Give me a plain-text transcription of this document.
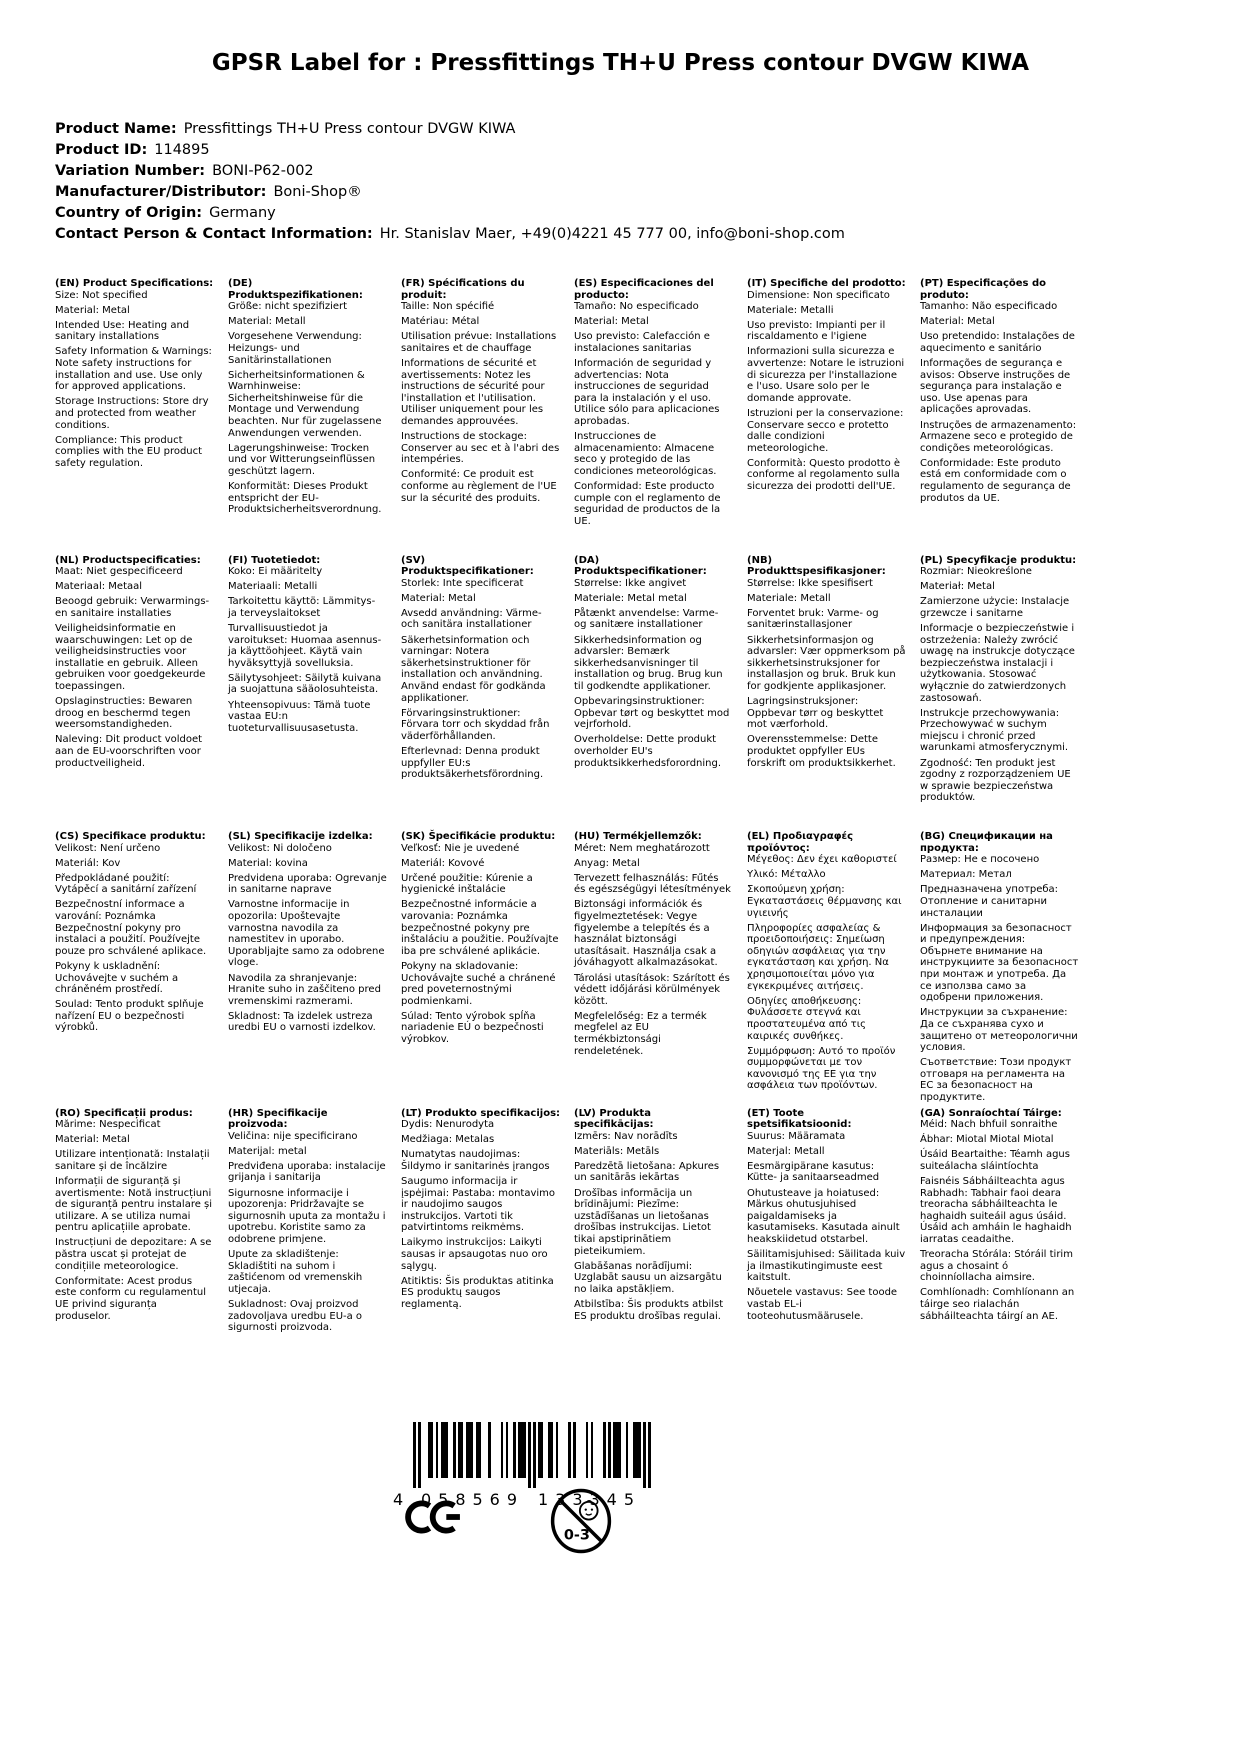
GPSR Label for : Pressfittings TH+U Press contour DVGW KIWA
Product Name: Pressfittings TH+U Press contour DVGW KIWA
Product ID: 114895
Variation Number: BONI-P62-002
Manufacturer/Distributor: Boni-Shop®
Country of Origin: Germany
Contact Person & Contact Information: Hr. Stanislav Maer, +49(0)4221 45 777 00, info@boni-shop.com
(EN) Product Specifications:

Size: Not specified

Material: Metal

Intended Use: Heating and sanitary installations

Safety Information & Warnings: Note safety instructions for installation and use. Use only for approved applications.

Storage Instructions: Store dry and protected from weather conditions.

Compliance: This product complies with the EU product safety regulation.

(DE) Produktspezifikationen:

Größe: nicht spezifiziert

Material: Metall

Vorgesehene Verwendung: Heizungs- und Sanitärinstallationen

Sicherheitsinformationen & Warnhinweise: Sicherheitshinweise für die Montage und Verwendung beachten. Nur für zugelassene Anwendungen verwenden.

Lagerungshinweise: Trocken und vor Witterungseinflüssen geschützt lagern.

Konformität: Dieses Produkt entspricht der EU-Produktsicherheitsverordnung.

(FR) Spécifications du produit:

Taille: Non spécifié

Matériau: Métal

Utilisation prévue: Installations sanitaires et de chauffage

Informations de sécurité et avertissements: Notez les instructions de sécurité pour l'installation et l'utilisation. Utiliser uniquement pour les demandes approuvées.

Instructions de stockage: Conserver au sec et à l'abri des intempéries.

Conformité: Ce produit est conforme au règlement de l'UE sur la sécurité des produits.

(ES) Especificaciones del producto:

Tamaño: No especificado

Material: Metal

Uso previsto: Calefacción e instalaciones sanitarias

Información de seguridad y advertencias: Nota instrucciones de seguridad para la instalación y el uso. Utilice sólo para aplicaciones aprobadas.

Instrucciones de almacenamiento: Almacene seco y protegido de las condiciones meteorológicas.

Conformidad: Este producto cumple con el reglamento de seguridad de productos de la UE.

(IT) Specifiche del prodotto:

Dimensione: Non specificato

Materiale: Metalli

Uso previsto: Impianti per il riscaldamento e l'igiene

Informazioni sulla sicurezza e avvertenze: Notare le istruzioni di sicurezza per l'installazione e l'uso. Usare solo per le domande approvate.

Istruzioni per la conservazione: Conservare secco e protetto dalle condizioni meteorologiche.

Conformità: Questo prodotto è conforme al regolamento sulla sicurezza dei prodotti dell'UE.

(PT) Especificações do produto:

Tamanho: Não especificado

Material: Metal

Uso pretendido: Instalações de aquecimento e sanitário

Informações de segurança e avisos: Observe instruções de segurança para instalação e uso. Use apenas para aplicações aprovadas.

Instruções de armazenamento: Armazene seco e protegido de condições meteorológicas.

Conformidade: Este produto está em conformidade com o regulamento de segurança de produtos da UE.

(NL) Productspecificaties:

Maat: Niet gespecificeerd

Materiaal: Metaal

Beoogd gebruik: Verwarmings- en sanitaire installaties

Veiligheidsinformatie en waarschuwingen: Let op de veiligheidsinstructies voor installatie en gebruik. Alleen gebruiken voor goedgekeurde toepassingen.

Opslaginstructies: Bewaren droog en beschermd tegen weersomstandigheden.

Naleving: Dit product voldoet aan de EU-voorschriften voor productveiligheid.

(FI) Tuotetiedot:

Koko: Ei määritelty

Materiaali: Metalli

Tarkoitettu käyttö: Lämmitys- ja terveyslaitokset

Turvallisuustiedot ja varoitukset: Huomaa asennus- ja käyttöohjeet. Käytä vain hyväksyttyjä sovelluksia.

Säilytysohjeet: Säilytä kuivana ja suojattuna sääolosuhteista.

Yhteensopivuus: Tämä tuote vastaa EU:n tuoteturvallisuusasetusta.

(SV) Produktspecifikationer:

Storlek: Inte specificerat

Material: Metal

Avsedd användning: Värme- och sanitära installationer

Säkerhetsinformation och varningar: Notera säkerhetsinstruktioner för installation och användning. Använd endast för godkända applikationer.

Förvaringsinstruktioner: Förvara torr och skyddad från väderförhållanden.

Efterlevnad: Denna produkt uppfyller EU:s produktsäkerhetsförordning.

(DA) Produktspecifikationer:

Størrelse: Ikke angivet

Materiale: Metal metal

Påtænkt anvendelse: Varme- og sanitære installationer

Sikkerhedsinformation og advarsler: Bemærk sikkerhedsanvisninger til installation og brug. Brug kun til godkendte applikationer.

Opbevaringsinstruktioner: Opbevar tørt og beskyttet mod vejrforhold.

Overholdelse: Dette produkt overholder EU's produktsikkerhedsforordning.

(NB) Produkttspesifikasjoner:

Størrelse: Ikke spesifisert

Materiale: Metall

Forventet bruk: Varme- og sanitærinstallasjoner

Sikkerhetsinformasjon og advarsler: Vær oppmerksom på sikkerhetsinstruksjoner for installasjon og bruk. Bruk kun for godkjente applikasjoner.

Lagringsinstruksjoner: Oppbevar tørr og beskyttet mot værforhold.

Overensstemmelse: Dette produktet oppfyller EUs forskrift om produktsikkerhet.

(PL) Specyfikacje produktu:

Rozmiar: Nieokreślone

Materiał: Metal

Zamierzone użycie: Instalacje grzewcze i sanitarne

Informacje o bezpieczeństwie i ostrzeżenia: Należy zwrócić uwagę na instrukcje dotyczące bezpieczeństwa instalacji i użytkowania. Stosować wyłącznie do zatwierdzonych zastosowań.

Instrukcje przechowywania: Przechowywać w suchym miejscu i chronić przed warunkami atmosferycznymi.

Zgodność: Ten produkt jest zgodny z rozporządzeniem UE w sprawie bezpieczeństwa produktów.

(CS) Specifikace produktu:

Velikost: Není určeno

Materiál: Kov

Předpokládané použití: Vytápěcí a sanitární zařízení

Bezpečnostní informace a varování: Poznámka Bezpečnostní pokyny pro instalaci a použití. Používejte pouze pro schválené aplikace.

Pokyny k uskladnění: Uchovávejte v suchém a chráněném prostředí.

Soulad: Tento produkt splňuje nařízení EU o bezpečnosti výrobků.

(SL) Specifikacije izdelka:

Velikost: Ni določeno

Material: kovina

Predvidena uporaba: Ogrevanje in sanitarne naprave

Varnostne informacije in opozorila: Upoštevajte varnostna navodila za namestitev in uporabo. Uporabljajte samo za odobrene vloge.

Navodila za shranjevanje: Hranite suho in zaščiteno pred vremenskimi razmerami.

Skladnost: Ta izdelek ustreza uredbi EU o varnosti izdelkov.

(SK) Špecifikácie produktu:

Veľkosť: Nie je uvedené

Materiál: Kovové

Určené použitie: Kúrenie a hygienické inštalácie

Bezpečnostné informácie a varovania: Poznámka bezpečnostné pokyny pre inštaláciu a použitie. Používajte iba pre schválené aplikácie.

Pokyny na skladovanie: Uchovávajte suché a chránené pred poveternostnými podmienkami.

Súlad: Tento výrobok spĺňa nariadenie EÚ o bezpečnosti výrobkov.

(HU) Termékjellemzők:

Méret: Nem meghatározott

Anyag: Metal

Tervezett felhasználás: Fűtés és egészségügyi létesítmények

Biztonsági információk és figyelmeztetések: Vegye figyelembe a telepítés és a használat biztonsági utasításait. Használja csak a jóváhagyott alkalmazásokat.

Tárolási utasítások: Szárított és védett időjárási körülmények között.

Megfelelőség: Ez a termék megfelel az EU termékbiztonsági rendeletének.

(EL) Προδιαγραφές προϊόντος:

Μέγεθος: Δεν έχει καθοριστεί

Υλικό: Μέταλλο

Σκοπούμενη χρήση: Εγκαταστάσεις θέρμανσης και υγιεινής

Πληροφορίες ασφαλείας & προειδοποιήσεις: Σημείωση οδηγιών ασφάλειας για την εγκατάσταση και χρήση. Να χρησιμοποιείται μόνο για εγκεκριμένες αιτήσεις.

Οδηγίες αποθήκευσης: Φυλάσσετε στεγνά και προστατευμένα από τις καιρικές συνθήκες.

Συμμόρφωση: Αυτό το προϊόν συμμορφώνεται με τον κανονισμό της ΕΕ για την ασφάλεια των προϊόντων.

(BG) Спецификации на продукта:

Размер: Не е посочено

Материал: Метал

Предназначена употреба: Отопление и санитарни инсталации

Информация за безопасност и предупреждения: Обърнете внимание на инструкциите за безопасност при монтаж и употреба. Да се използва само за одобрени приложения.

Инструкции за съхранение: Да се съхранява сухо и защитено от метеорологични условия.

Съответствие: Този продукт отговаря на регламента на ЕС за безопасност на продуктите.

(RO) Specificații produs:

Mărime: Nespecificat

Material: Metal

Utilizare intenționată: Instalații sanitare și de încălzire

Informații de siguranță și avertismente: Notă instrucțiuni de siguranță pentru instalare și utilizare. A se utiliza numai pentru aplicațiile aprobate.

Instrucțiuni de depozitare: A se păstra uscat și protejat de condițiile meteorologice.

Conformitate: Acest produs este conform cu regulamentul UE privind siguranța produselor.

(HR) Specifikacije proizvoda:

Veličina: nije specificirano

Materijal: metal

Predviđena uporaba: instalacije grijanja i sanitarija

Sigurnosne informacije i upozorenja: Pridržavajte se sigurnosnih uputa za montažu i upotrebu. Koristite samo za odobrene primjene.

Upute za skladištenje: Skladištiti na suhom i zaštićenom od vremenskih utjecaja.

Sukladnost: Ovaj proizvod zadovoljava uredbu EU-a o sigurnosti proizvoda.

(LT) Produkto specifikacijos:

Dydis: Nenurodyta

Medžiaga: Metalas

Numatytas naudojimas: Šildymo ir sanitarinės įrangos

Saugumo informacija ir įspėjimai: Pastaba: montavimo ir naudojimo saugos instrukcijos. Vartoti tik patvirtintoms reikmėms.

Laikymo instrukcijos: Laikyti sausas ir apsaugotas nuo oro sąlygų.

Atitiktis: Šis produktas atitinka ES produktų saugos reglamentą.

(LV) Produkta specifikācijas:

Izmērs: Nav norādīts

Materiāls: Metāls

Paredzētā lietošana: Apkures un sanitārās iekārtas

Drošības informācija un brīdinājumi: Piezīme: uzstādīšanas un lietošanas drošības instrukcijas. Lietot tikai apstiprinātiem pieteikumiem.

Glabāšanas norādījumi: Uzglabāt sausu un aizsargātu no laika apstākļiem.

Atbilstība: Šis produkts atbilst ES produktu drošības regulai.

(ET) Toote spetsifikatsioonid:

Suurus: Määramata

Materjal: Metall

Eesmärgipärane kasutus: Kütte- ja sanitaarseadmed

Ohutusteave ja hoiatused: Märkus ohutusjuhised paigaldamiseks ja kasutamiseks. Kasutada ainult heakskiidetud otstarbel.

Säilitamisjuhised: Säilitada kuiv ja ilmastikutingimuste eest kaitstult.

Nõuetele vastavus: See toode vastab EL-i tooteohutusmäärusele.

(GA) Sonraíochtaí Táirge:

Méid: Nach bhfuil sonraithe

Ábhar: Miotal Miotal Miotal

Úsáid Beartaithe: Téamh agus suiteálacha sláintíochta

Faisnéis Sábháilteachta agus Rabhadh: Tabhair faoi deara treoracha sábháilteachta le haghaidh suiteáil agus úsáid. Úsáid ach amháin le haghaidh iarratas ceadaithe.

Treoracha Stórála: Stóráil tirim agus a chosaint ó choinníollacha aimsire.

Comhlíonadh: Comhlíonann an táirge seo rialachán sábháilteachta táirgí an AE.

4 058569 133345
0-3
